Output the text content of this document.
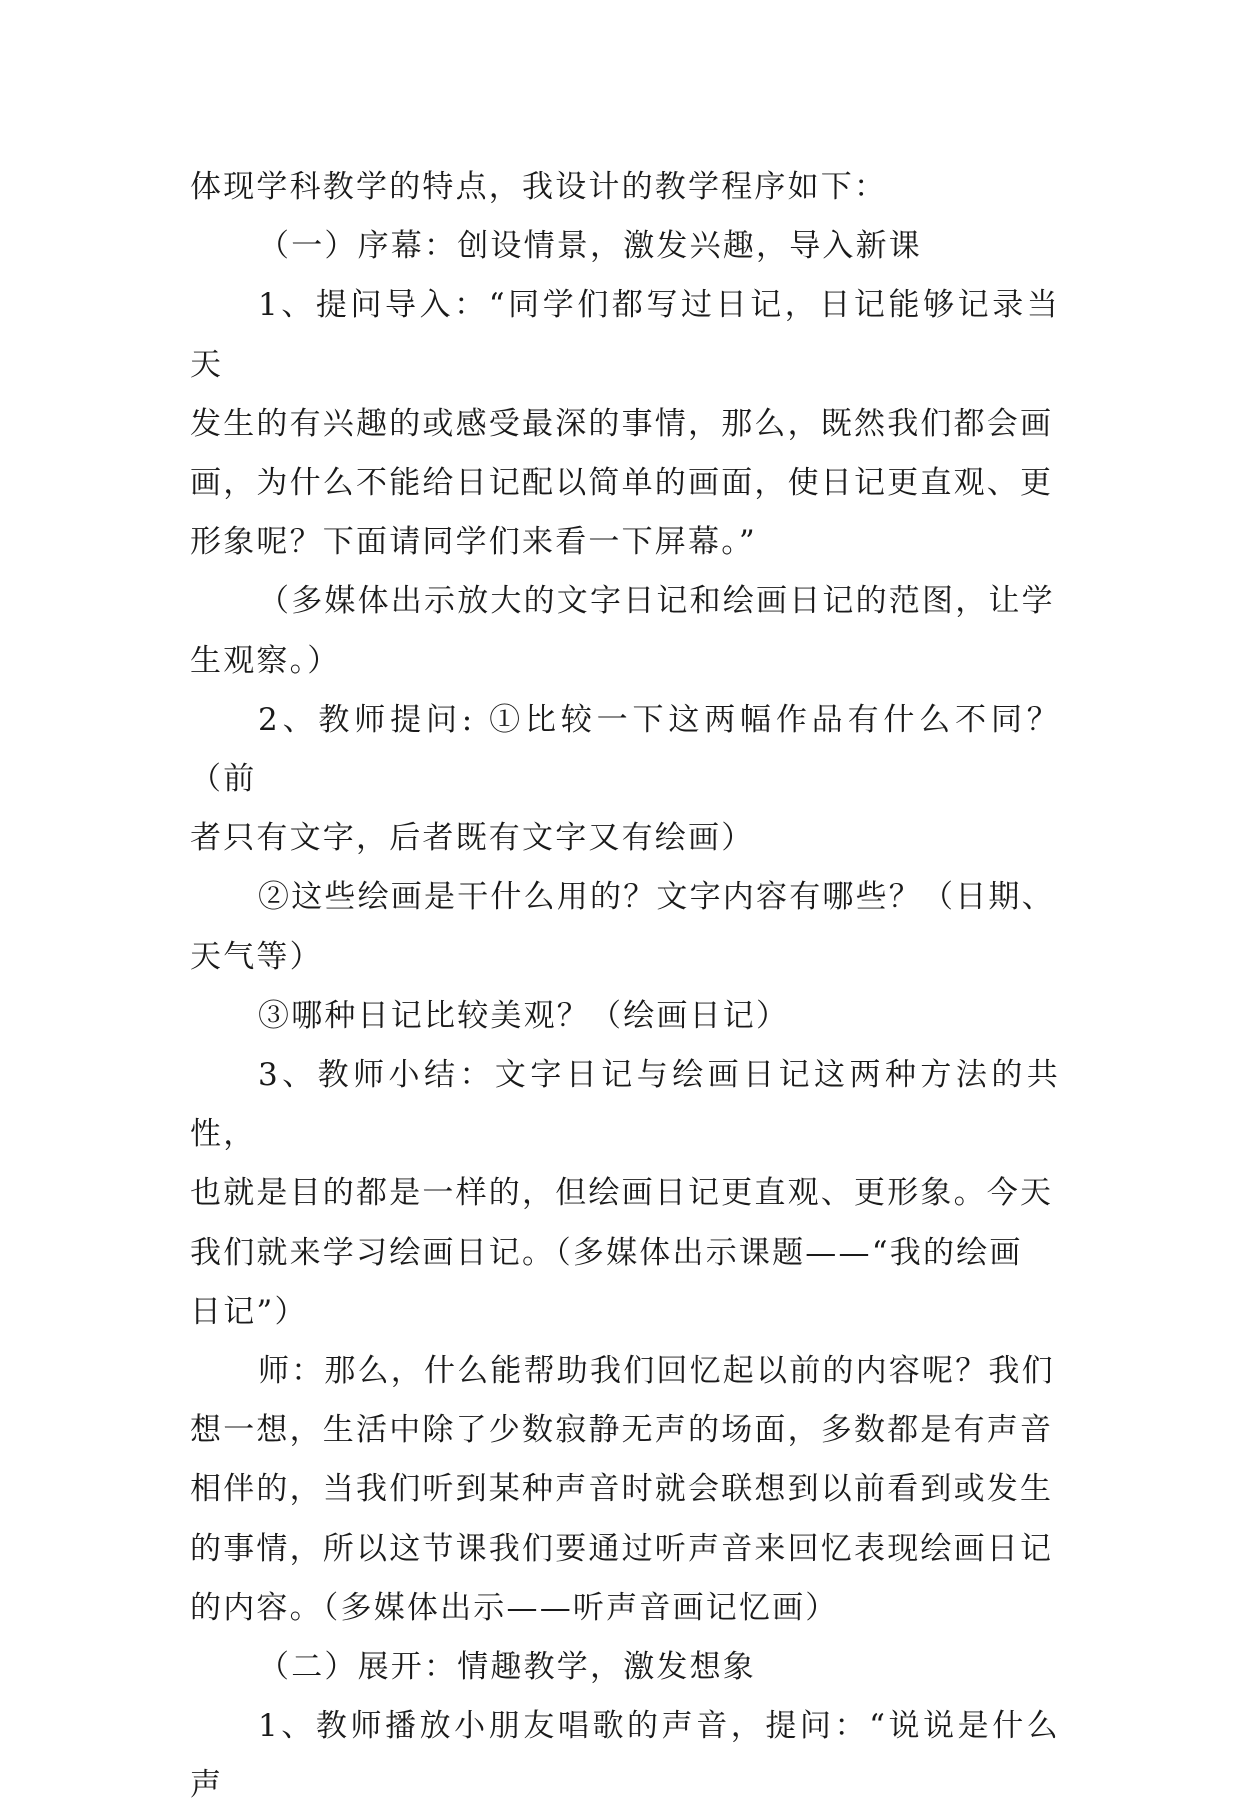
体现学科教学的特点，我设计的教学程序如下：

（一）序幕：创设情景，激发兴趣，导入新课

1、提问导入：“同学们都写过日记，日记能够记录当天

发生的有兴趣的或感受最深的事情，那么，既然我们都会画

画，为什么不能给日记配以简单的画面，使日记更直观、更

形象呢？下面请同学们来看一下屏幕。”

（多媒体出示放大的文字日记和绘画日记的范图，让学

生观察。）

2、教师提问: ①比较一下这两幅作品有什么不同？（前

者只有文字，后者既有文字又有绘画）

②这些绘画是干什么用的？文字内容有哪些？（日期、

天气等）

③哪种日记比较美观？（绘画日记）

3、教师小结：文字日记与绘画日记这两种方法的共性，

也就是目的都是一样的，但绘画日记更直观、更形象。今天

我们就来学习绘画日记。（多媒体出示课题——“我的绘画

日记”）

师：那么，什么能帮助我们回忆起以前的内容呢？我们

想一想，生活中除了少数寂静无声的场面，多数都是有声音

相伴的，当我们听到某种声音时就会联想到以前看到或发生

的事情，所以这节课我们要通过听声音来回忆表现绘画日记

的内容。（多媒体出示——听声音画记忆画）

（二）展开：情趣教学，激发想象

1、教师播放小朋友唱歌的声音，提问：“说说是什么声
